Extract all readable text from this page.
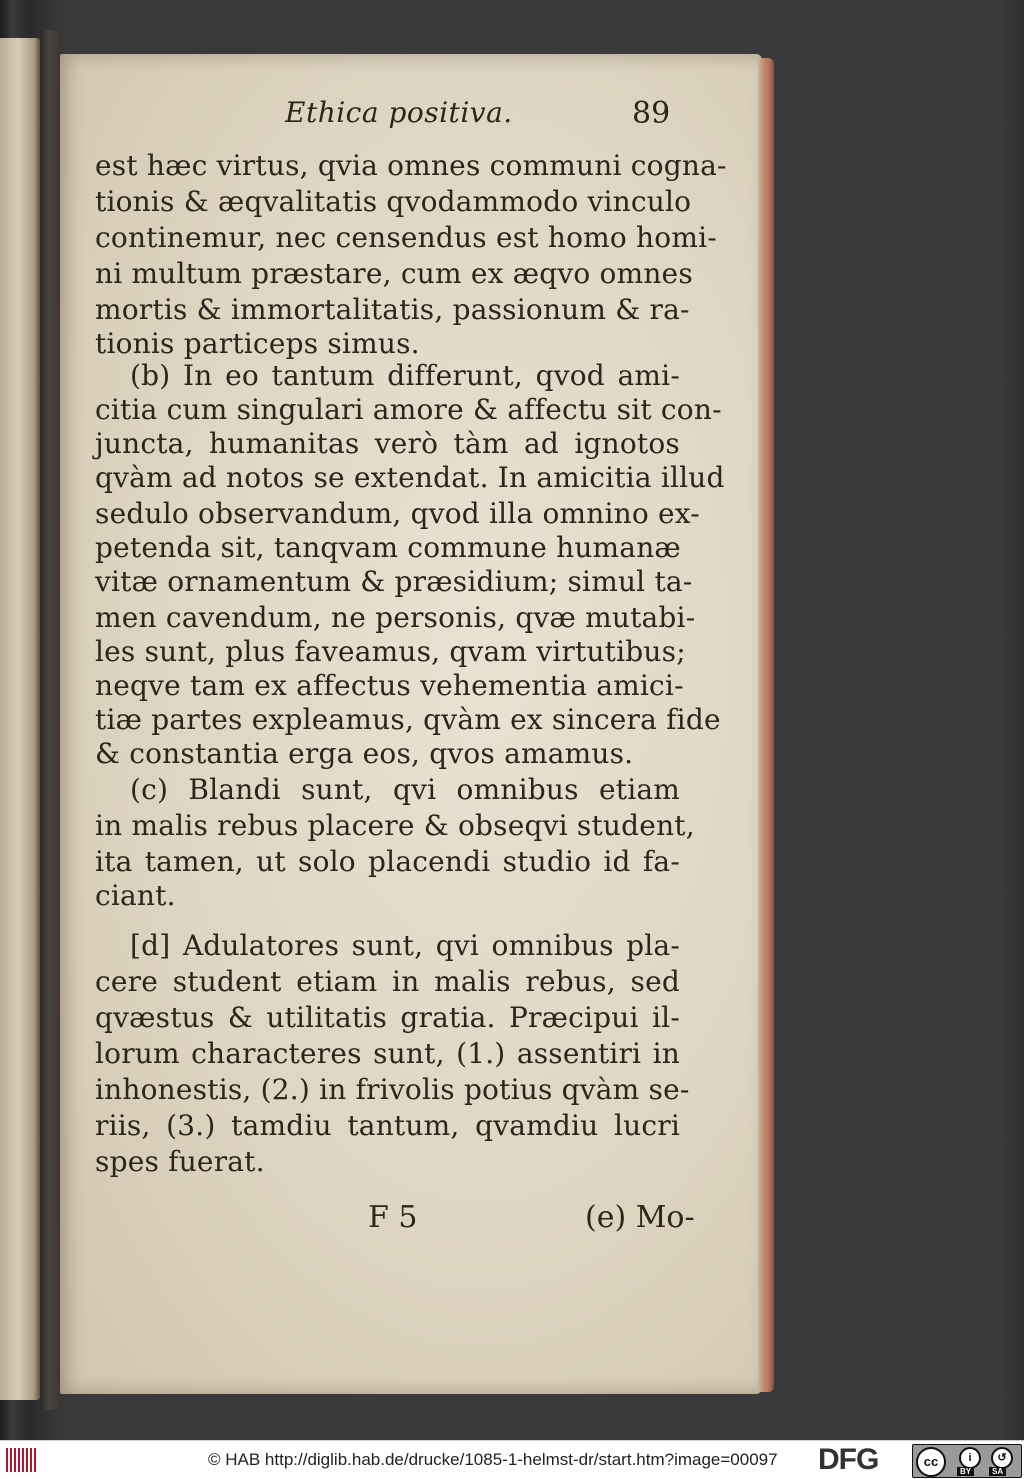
Ethica positiva.	89
est hæc virtus, qvia omnes communi cogna-
tionis & æqvalitatis qvodammodo vinculo
continemur, nec censendus est homo homi-
ni multum præstare, cum ex æqvo omnes
mortis & immortalitatis, passionum & ra-
tionis particeps simus.
(b) In eo tantum differunt, qvod ami-
citia cum singulari amore & affectu sit con-
juncta, humanitas verò tàm ad ignotos
qvàm ad notos se extendat. In amicitia illud
sedulo observandum, qvod illa omnino ex-
petenda sit, tanqvam commune humanæ
vitæ ornamentum & præsidium; simul ta-
men cavendum, ne personis, qvæ mutabi-
les sunt, plus faveamus, qvam virtutibus;
neqve tam ex affectus vehementia amici-
tiæ partes expleamus, qvàm ex sincera fide
& constantia erga eos, qvos amamus.
(c) Blandi sunt, qvi omnibus etiam
in malis rebus placere & obseqvi student,
ita tamen, ut solo placendi studio id fa-
ciant.
[d] Adulatores sunt, qvi omnibus pla-
cere student etiam in malis rebus, sed
qvæstus & utilitatis gratia. Præcipui il-
lorum characteres sunt, (1.) assentiri in
inhonestis, (2.) in frivolis potius qvàm se-
riis, (3.) tamdiu tantum, qvamdiu lucri
spes fuerat.
F 5	(e) Mo-
© HAB http://diglib.hab.de/drucke/1085-1-helmst-dr/start.htm?image=00097 DFG	cc	i	↺
BY	SA
